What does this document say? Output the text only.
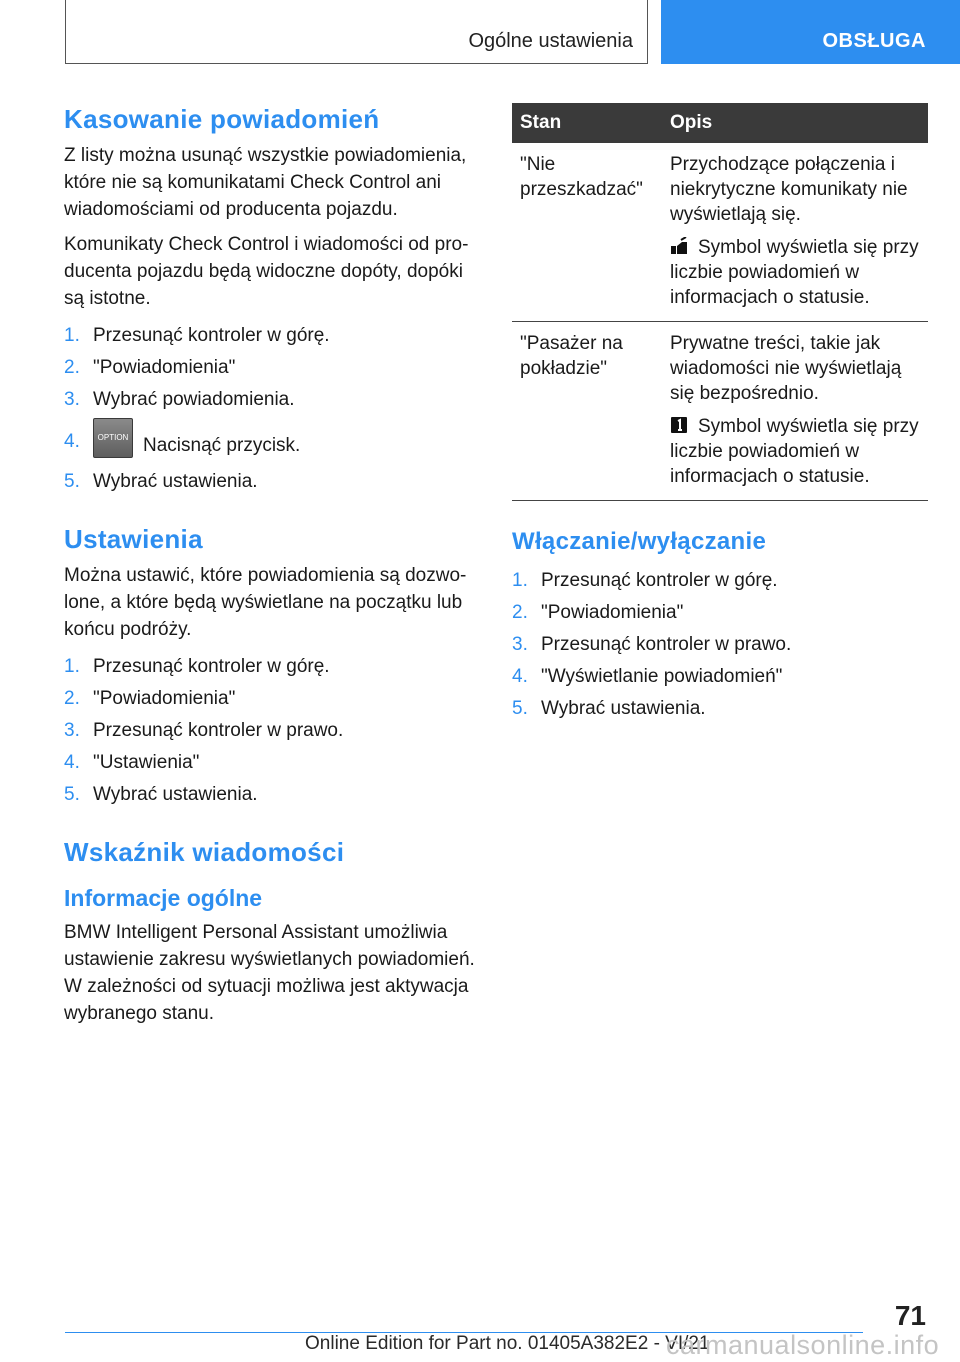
Ogólne ustawienia	OBSŁUGA
Kasowanie powiadomień

Z listy można usunąć wszystkie powiadomienia, które nie są komunikatami Check Control ani wiadomościami od producenta pojazdu.

Komunikaty Check Control i wiadomości od producenta pojazdu będą widoczne dopóty, dopóki są istotne.

1. Przesunąć kontroler w górę.
2. "Powiadomienia"
3. Wybrać powiadomienia.
4. OPTION Nacisnąć przycisk.
5. Wybrać ustawienia.
Ustawienia

Można ustawić, które powiadomienia są dozwolone, a które będą wyświetlane na początku lub końcu podróży.

1. Przesunąć kontroler w górę.
2. "Powiadomienia"
3. Przesunąć kontroler w prawo.
4. "Ustawienia"
5. Wybrać ustawienia.
Wskaźnik wiadomości
Informacje ogólne

BMW Intelligent Personal Assistant umożliwia ustawienie zakresu wyświetlanych powiadomień. W zależności od sytuacji możliwa jest aktywacja wybranego stanu.

Stan	Opis
"Nie przeszkadzać"	Przychodzące połączenia i niekrytyczne komunikaty nie wyświetlają się.

Symbol wyświetla się przy liczbie powiadomień w informacjach o statusie.

"Pasażer na pokładzie"	Prywatne treści, takie jak wiadomości nie wyświetlają się bezpośrednio.

Symbol wyświetla się przy liczbie powiadomień w informacjach o statusie.

Włączanie/wyłączanie
1. Przesunąć kontroler w górę.
2. "Powiadomienia"
3. Przesunąć kontroler w prawo.
4. "Wyświetlanie powiadomień"
5. Wybrać ustawienia.
71
Online Edition for Part no. 01405A382E2 - VI/21
carmanualsonline.info
